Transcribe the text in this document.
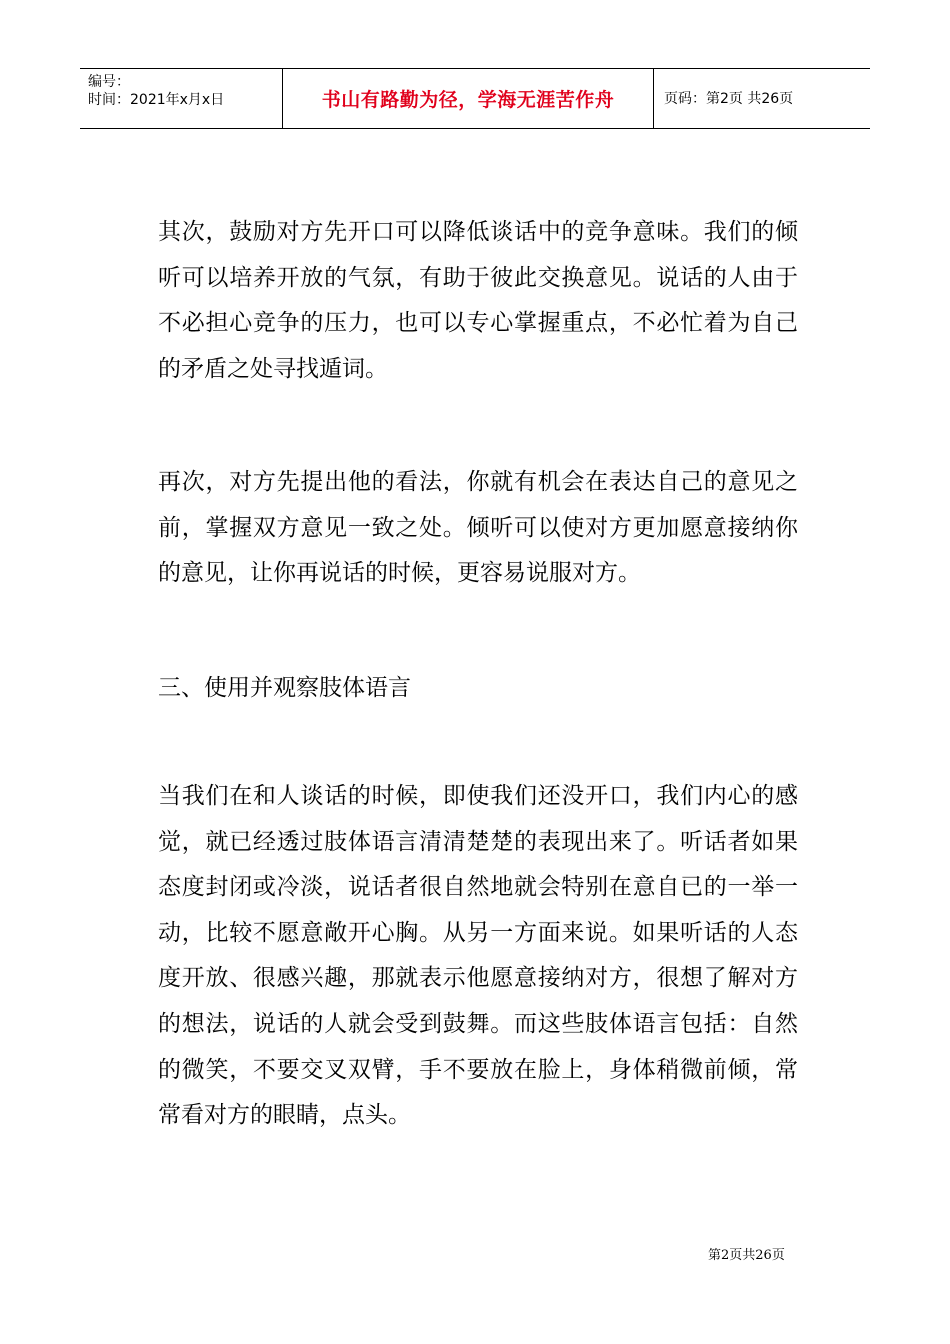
编号：
时间：2021年x月x日	书山有路勤为径，学海无涯苦作舟	页码：第2页 共26页

其次，鼓励对方先开口可以降低谈话中的竞争意味。我们的倾听可以培养开放的气氛，有助于彼此交换意见。说话的人由于不必担心竞争的压力，也可以专心掌握重点，不必忙着为自己的矛盾之处寻找遁词。

再次，对方先提出他的看法，你就有机会在表达自己的意见之前，掌握双方意见一致之处。倾听可以使对方更加愿意接纳你的意见，让你再说话的时候，更容易说服对方。

三、使用并观察肢体语言

当我们在和人谈话的时候，即使我们还没开口，我们内心的感觉，就已经透过肢体语言清清楚楚的表现出来了。听话者如果态度封闭或冷淡，说话者很自然地就会特别在意自已的一举一动，比较不愿意敞开心胸。从另一方面来说。如果听话的人态度开放、很感兴趣，那就表示他愿意接纳对方，很想了解对方的想法，说话的人就会受到鼓舞。而这些肢体语言包括：自然的微笑，不要交叉双臂，手不要放在脸上，身体稍微前倾，常常看对方的眼睛，点头。

第2页共26页
